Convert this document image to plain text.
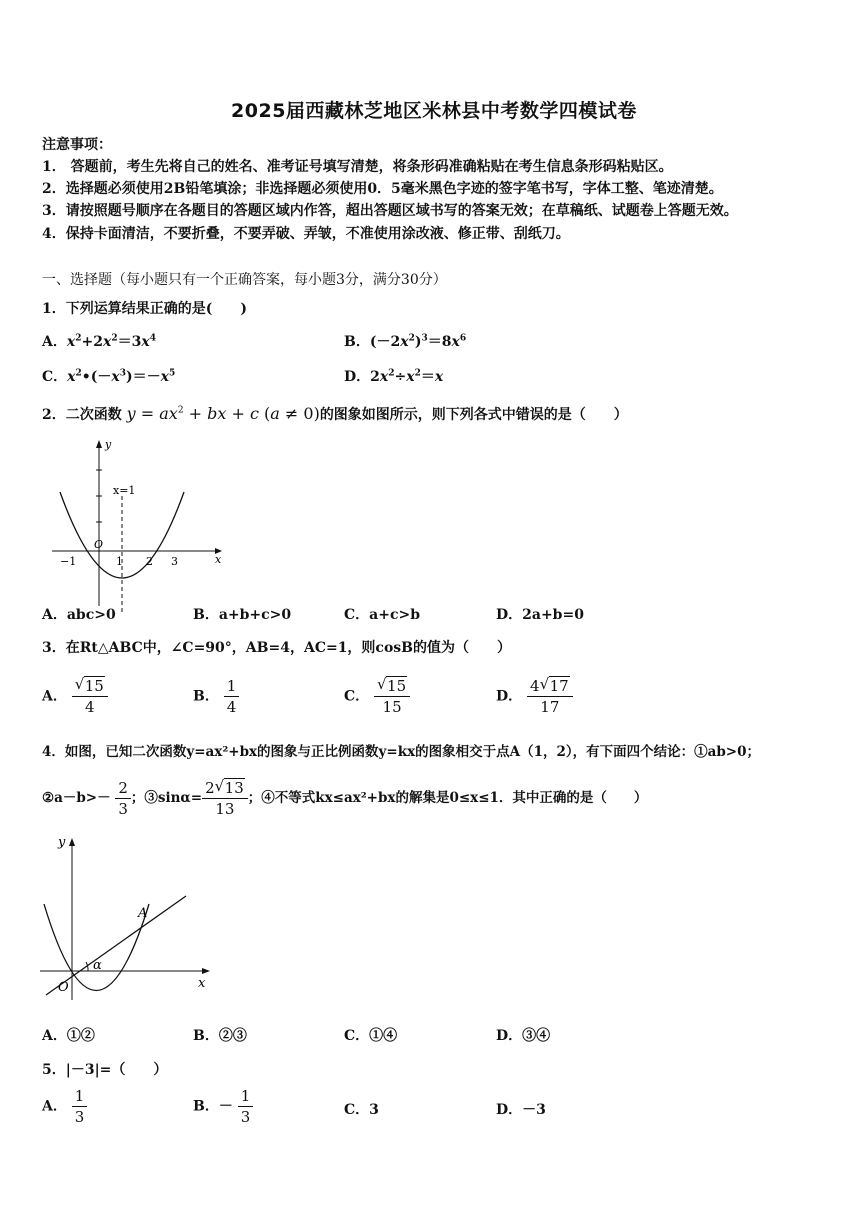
2025届西藏林芝地区米林县中考数学四模试卷
注意事项：
1． 答题前，考生先将自己的姓名、准考证号填写清楚，将条形码准确粘贴在考生信息条形码粘贴区。
2．选择题必须使用2B铅笔填涂；非选择题必须使用0．5毫米黑色字迹的签字笔书写，字体工整、笔迹清楚。
3．请按照题号顺序在各题目的答题区域内作答，超出答题区域书写的答案无效；在草稿纸、试题卷上答题无效。
4．保持卡面清洁，不要折叠，不要弄破、弄皱，不准使用涂改液、修正带、刮纸刀。
一、选择题（每小题只有一个正确答案，每小题3分，满分30分）
1．下列运算结果正确的是(　　)
A．$x^2+2x^2=3x^4$	B．$(-2x^2)^3=8x^6$
C．$x^2•(-x^3)=-x^5$	D．$2x^2\div x^2=x$
2．二次函数 $y = ax^2$ + bx + c (a ≠ 0)的图象如图所示，则下列各式中错误的是（　　）
y
x
O
x=1
−1	1 2 3
A．abc>0	B．a+b+c>0	C．a+c>b	D．2a+b=0
3．在Rt△ABC中，∠C=90°，AB=4，AC=1，则cosB的值为（　　）
A． $\frac{√ 15}{4}$	B． $\frac{1}{4}$	C． $\frac{√ 15}{15}$	D． $\frac{4 √ 17}{17}$
4．如图，已知二次函数y=ax²+bx的图象与正比例函数y=kx的图象相交于点A（1，2），有下面四个结论：①ab>0；
②a－b>－ $\frac{2}{3}$ ；③sinα= $\frac{2 √ 13}{13}$ ；④不等式kx≤ax²+bx的解集是0≤x≤1．其中正确的是（　　）
y
x
O
A
α
A．①②	B．②③	C．①④	D．③④
5．|－3|=（　　）
A． $\frac{1}{3}$	B．－ $\frac{1}{3}$	C．3	D．－3
